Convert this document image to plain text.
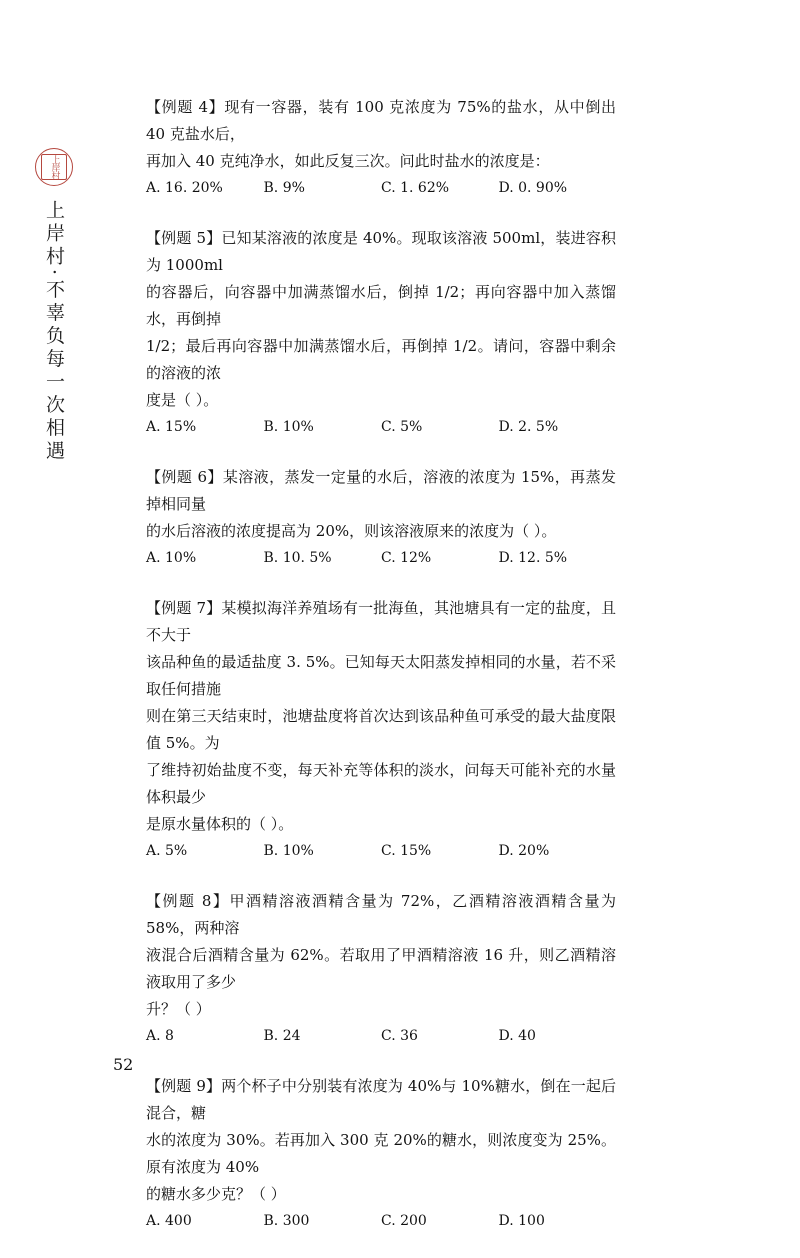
上岸村
上岸村·不辜负每一次相遇

【例题 4】现有一容器，装有 100 克浓度为 75%的盐水，从中倒出 40 克盐水后，
再加入 40 克纯净水，如此反复三次。问此时盐水的浓度是：

A. 16. 20%	B. 9%	C. 1. 62%	D. 0. 90%

【例题 5】已知某溶液的浓度是 40%。现取该溶液 500ml，装进容积为 1000ml
的容器后，向容器中加满蒸馏水后，倒掉 1/2；再向容器中加入蒸馏水，再倒掉
1/2；最后再向容器中加满蒸馏水后，再倒掉 1/2。请问，容器中剩余的溶液的浓
度是（ ）。

A. 15%	B. 10%	C. 5%	D. 2. 5%

【例题 6】某溶液，蒸发一定量的水后，溶液的浓度为 15%，再蒸发掉相同量
的水后溶液的浓度提高为 20%，则该溶液原来的浓度为（ ）。

A. 10%	B. 10. 5%	C. 12%	D. 12. 5%

【例题 7】某模拟海洋养殖场有一批海鱼，其池塘具有一定的盐度，且不大于
该品种鱼的最适盐度 3. 5%。已知每天太阳蒸发掉相同的水量，若不采取任何措施
则在第三天结束时，池塘盐度将首次达到该品种鱼可承受的最大盐度限值 5%。为
了维持初始盐度不变，每天补充等体积的淡水，问每天可能补充的水量体积最少
是原水量体积的（ ）。

A. 5%	B. 10%	C. 15%	D. 20%

【例题 8】甲酒精溶液酒精含量为 72%，乙酒精溶液酒精含量为 58%，两种溶
液混合后酒精含量为 62%。若取用了甲酒精溶液 16 升，则乙酒精溶液取用了多少
升？（ ）

A. 8	B. 24	C. 36	D. 40

【例题 9】两个杯子中分别装有浓度为 40%与 10%糖水，倒在一起后混合，糖
水的浓度为 30%。若再加入 300 克 20%的糖水，则浓度变为 25%。原有浓度为 40%
的糖水多少克？（ ）

A. 400	B. 300	C. 200	D. 100
52
